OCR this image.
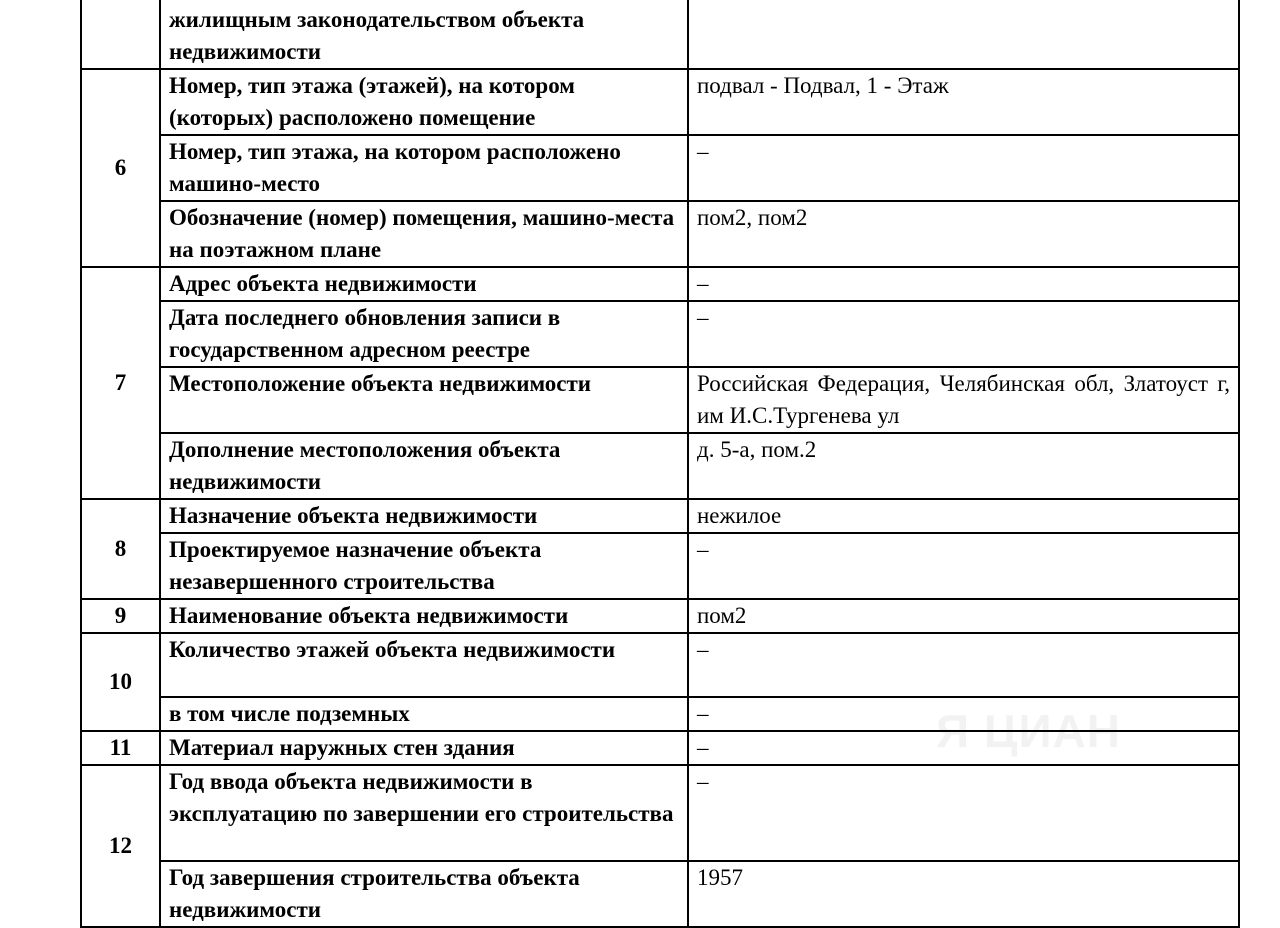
	жилищным законодательством объекта недвижимости	
6	Номер, тип этажа (этажей), на котором (которых) расположено помещение	подвал - Подвал, 1 - Этаж
	Номер, тип этажа, на котором расположено машино-место	–
	Обозначение (номер) помещения, машино-места на поэтажном плане	пом2, пом2
7	Адрес объекта недвижимости	–
	Дата последнего обновления записи в государственном адресном реестре	–
	Местоположение объекта недвижимости	Российская Федерация, Челябинская обл, Златоуст г, им И.С.Тургенева ул
	Дополнение местоположения объекта недвижимости	д. 5-а, пом.2
8	Назначение объекта недвижимости	нежилое
	Проектируемое назначение объекта незавершенного строительства	–
9	Наименование объекта недвижимости	пом2
10	Количество этажей объекта недвижимости	–
	в том числе подземных	–
11	Материал наружных стен здания	–
12	Год ввода объекта недвижимости в эксплуатацию по завершении его строительства	–
	Год завершения строительства объекта недвижимости	1957
Я ЦИАН
